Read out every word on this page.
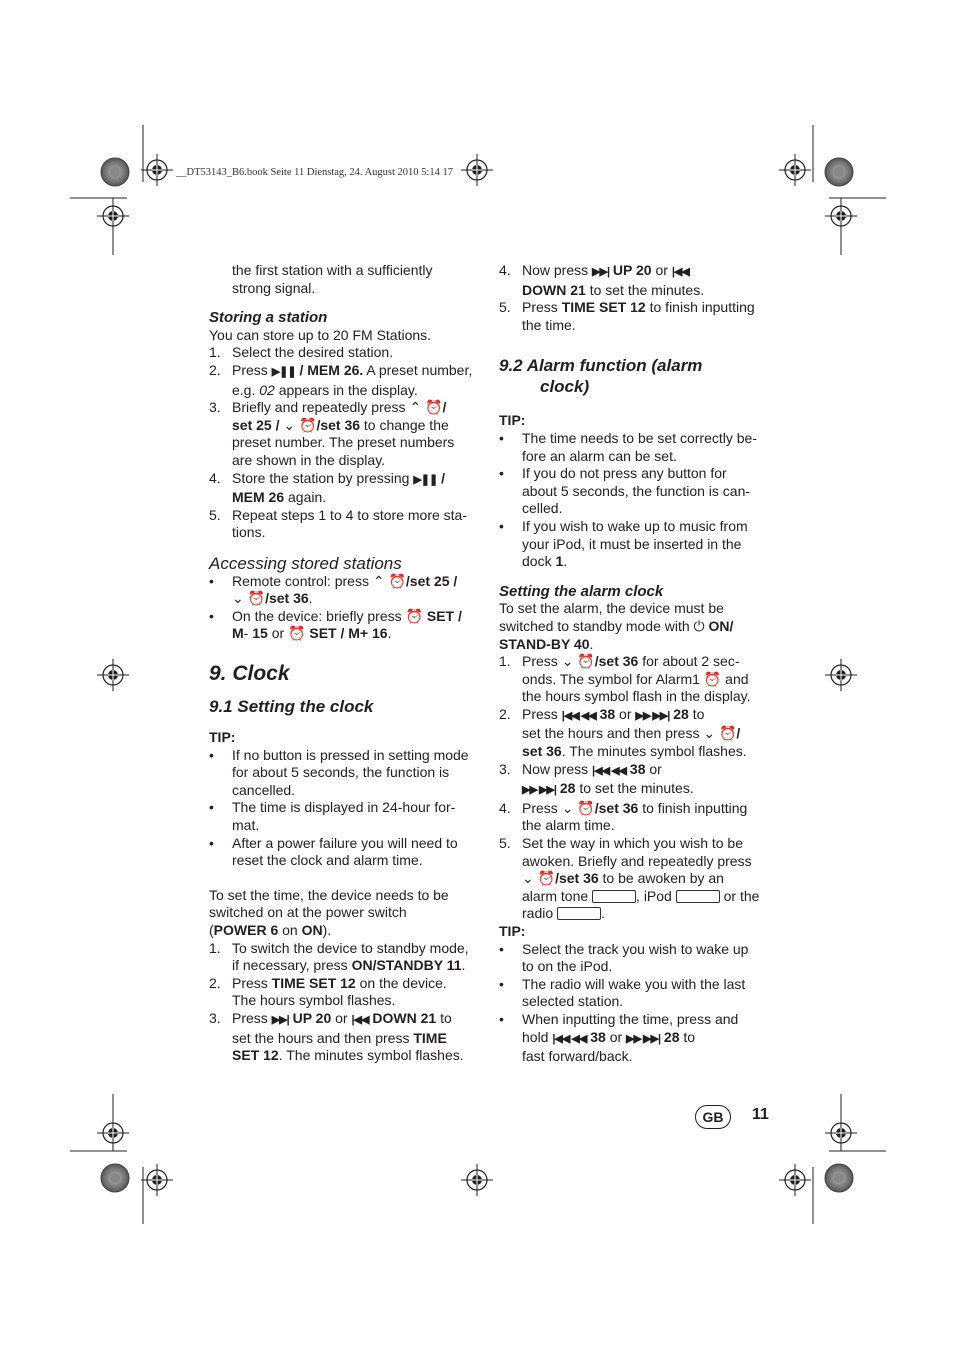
__DT53143_B6.book Seite 11 Dienstag, 24. August 2010 5:14 17

the first station with a sufficiently
strong signal.

Storing a station

You can store up to 20 FM Stations.

1. Select the desired station.

2. Press ▶❚❚ / MEM 26. A preset number,
e.g. 02 appears in the display.

3. Briefly and repeatedly press ⌃ ⏰/
set 25 / ⌄ ⏰/set 36 to change the
preset number. The preset numbers
are shown in the display.

4. Store the station by pressing ▶❚❚ /
MEM 26 again.

5. Repeat steps 1 to 4 to store more sta-
tions.

Accessing stored stations

• Remote control: press ⌃ ⏰/set 25 /
⌄ ⏰/set 36.

• On the device: briefly press ⏰ SET /
M- 15 or ⏰ SET / M+ 16.

9. Clock

9.1 Setting the clock

TIP:

• If no button is pressed in setting mode
for about 5 seconds, the function is
cancelled.

• The time is displayed in 24-hour for-
mat.

• After a power failure you will need to
reset the clock and alarm time.

To set the time, the device needs to be
switched on at the power switch
(POWER 6 on ON).

1. To switch the device to standby mode,
if necessary, press ON/STANDBY 11.

2. Press TIME SET 12 on the device.
The hours symbol flashes.

3. Press ▶▶| UP 20 or |◀◀ DOWN 21 to
set the hours and then press TIME
SET 12. The minutes symbol flashes.

4. Now press ▶▶| UP 20 or |◀◀
DOWN 21 to set the minutes.

5. Press TIME SET 12 to finish inputting
the time.

9.2 Alarm function (alarm
clock)

TIP:

• The time needs to be set correctly be-
fore an alarm can be set.

• If you do not press any button for
about 5 seconds, the function is can-
celled.

• If you wish to wake up to music from
your iPod, it must be inserted in the
dock 1.

Setting the alarm clock

To set the alarm, the device must be
switched to standby mode with ⏻ ON/
STAND-BY 40.

1. Press ⌄ ⏰/set 36 for about 2 sec-
onds. The symbol for Alarm1 ⏰ and
the hours symbol flash in the display.

2. Press |◀◀ ◀◀ 38 or ▶▶ ▶▶| 28 to
set the hours and then press ⌄ ⏰/
set 36. The minutes symbol flashes.

3. Now press |◀◀ ◀◀ 38 or
▶▶ ▶▶| 28 to set the minutes.

4. Press ⌄ ⏰/set 36 to finish inputting
the alarm time.

5. Set the way in which you wish to be
awoken. Briefly and repeatedly press
⌄ ⏰/set 36 to be awoken by an
alarm tone	, iPod	or the
radio	.

TIP:

• Select the track you wish to wake up
to on the iPod.

• The radio will wake you with the last
selected station.

• When inputting the time, press and
hold |◀◀ ◀◀ 38 or ▶▶ ▶▶| 28 to
fast forward/back.

GB	11
